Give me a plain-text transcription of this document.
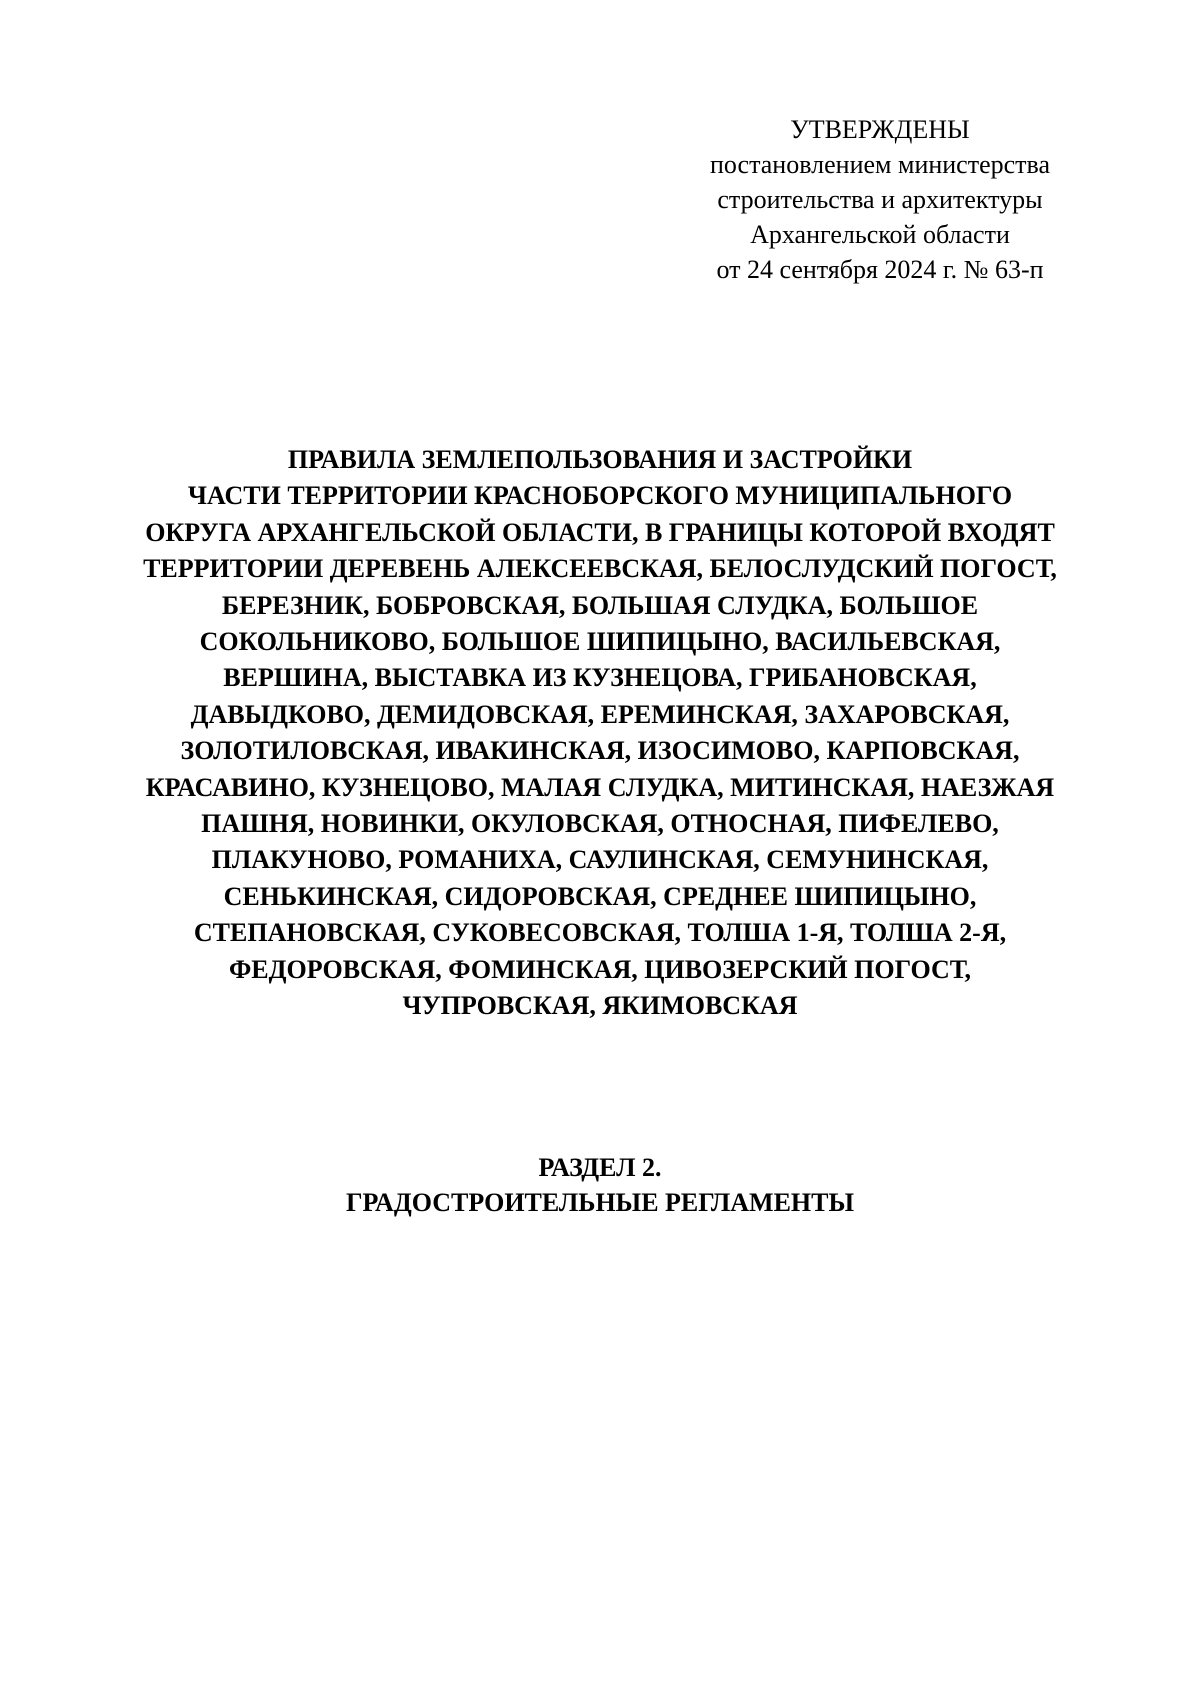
УТВЕРЖДЕНЫ
постановлением министерства
строительства и архитектуры
Архангельской области
от 24 сентября 2024 г. № 63-п
ПРАВИЛА ЗЕМЛЕПОЛЬЗОВАНИЯ И ЗАСТРОЙКИ
ЧАСТИ ТЕРРИТОРИИ КРАСНОБОРСКОГО МУНИЦИПАЛЬНОГО
ОКРУГА АРХАНГЕЛЬСКОЙ ОБЛАСТИ, В ГРАНИЦЫ КОТОРОЙ ВХОДЯТ
ТЕРРИТОРИИ ДЕРЕВЕНЬ АЛЕКСЕЕВСКАЯ, БЕЛОСЛУДСКИЙ ПОГОСТ,
БЕРЕЗНИК, БОБРОВСКАЯ, БОЛЬШАЯ СЛУДКА, БОЛЬШОЕ
СОКОЛЬНИКОВО, БОЛЬШОЕ ШИПИЦЫНО, ВАСИЛЬЕВСКАЯ,
ВЕРШИНА, ВЫСТАВКА ИЗ КУЗНЕЦОВА, ГРИБАНОВСКАЯ,
ДАВЫДКОВО, ДЕМИДОВСКАЯ, ЕРЕМИНСКАЯ, ЗАХАРОВСКАЯ,
ЗОЛОТИЛОВСКАЯ, ИВАКИНСКАЯ, ИЗОСИМОВО, КАРПОВСКАЯ,
КРАСАВИНО, КУЗНЕЦОВО, МАЛАЯ СЛУДКА, МИТИНСКАЯ, НАЕЗЖАЯ
ПАШНЯ, НОВИНКИ, ОКУЛОВСКАЯ, ОТНОСНАЯ, ПИФЕЛЕВО,
ПЛАКУНОВО, РОМАНИХА, САУЛИНСКАЯ, СЕМУНИНСКАЯ,
СЕНЬКИНСКАЯ, СИДОРОВСКАЯ, СРЕДНЕЕ ШИПИЦЫНО,
СТЕПАНОВСКАЯ, СУКОВЕСОВСКАЯ, ТОЛША 1-Я, ТОЛША 2-Я,
ФЕДОРОВСКАЯ, ФОМИНСКАЯ, ЦИВОЗЕРСКИЙ ПОГОСТ,
ЧУПРОВСКАЯ, ЯКИМОВСКАЯ
РАЗДЕЛ 2.
ГРАДОСТРОИТЕЛЬНЫЕ РЕГЛАМЕНТЫ
